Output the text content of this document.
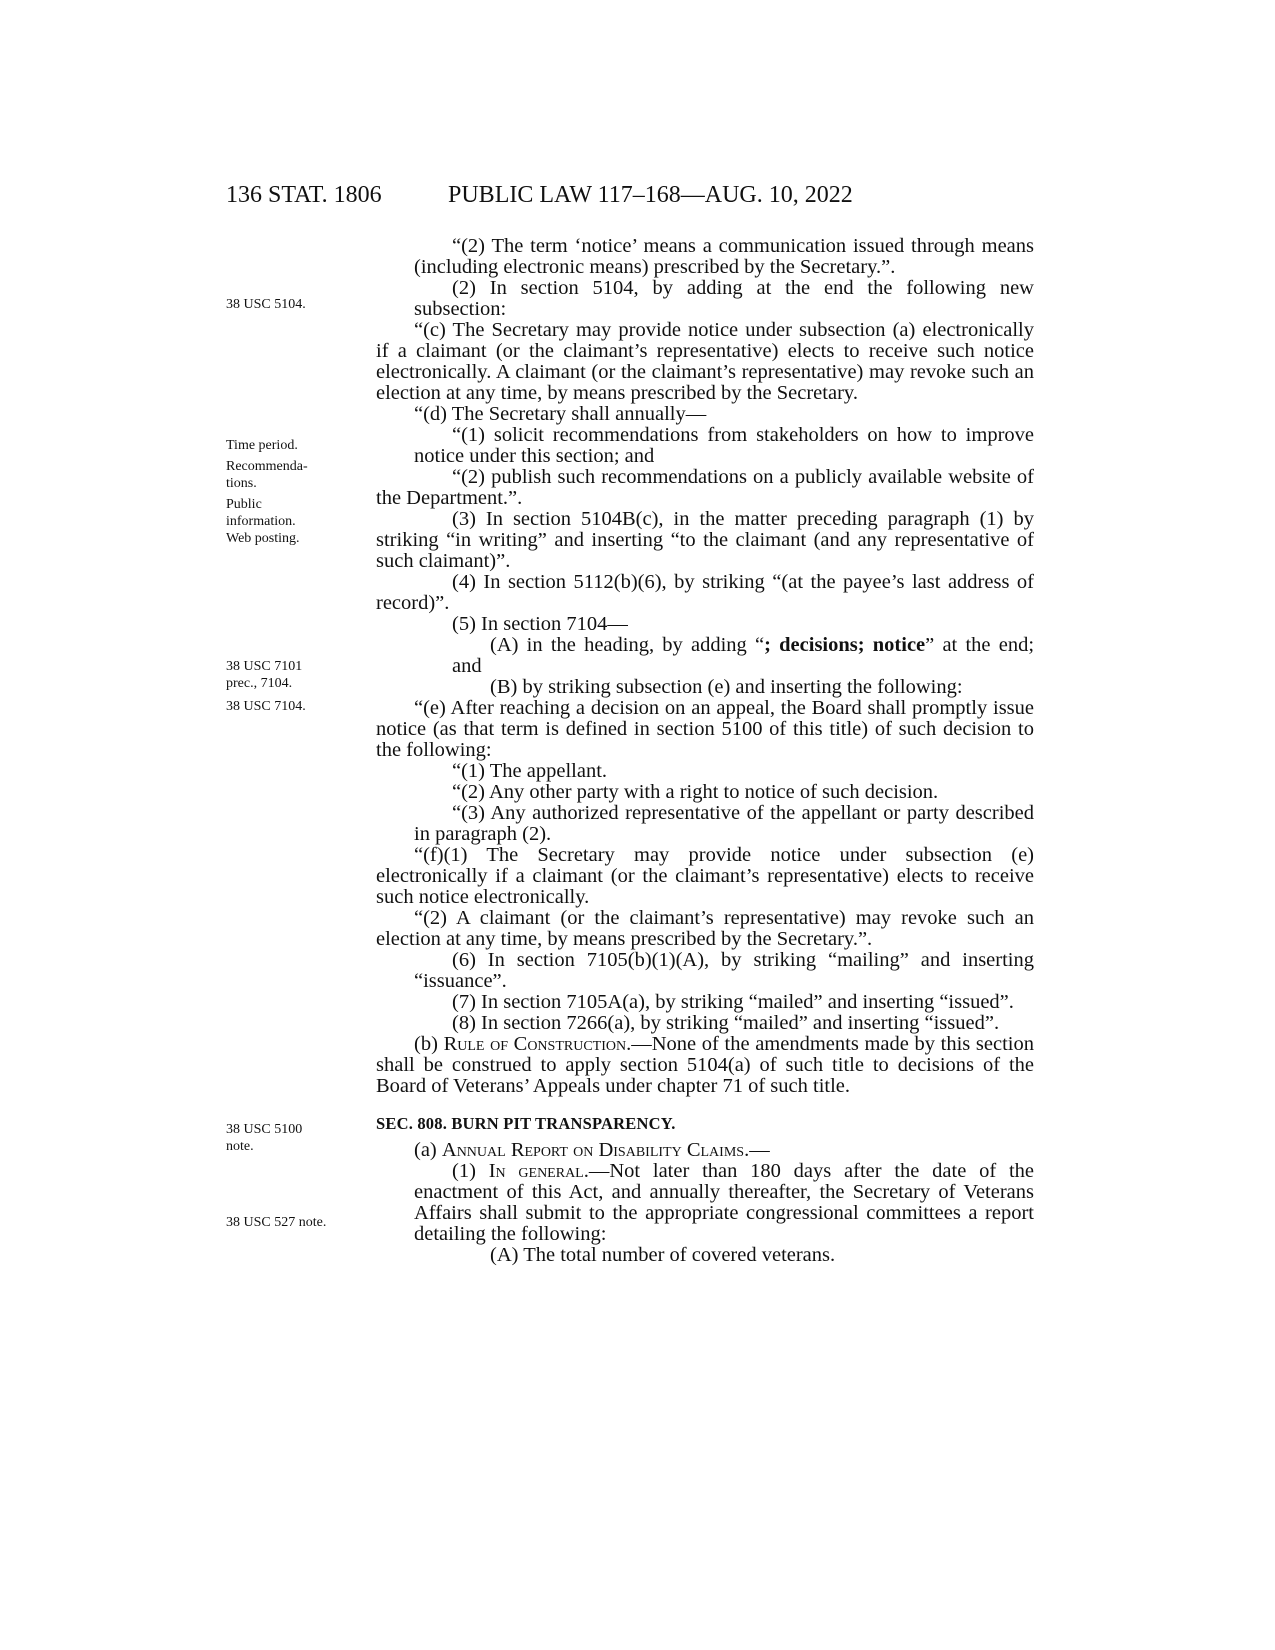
136 STAT. 1806	PUBLIC LAW 117–168—AUG. 10, 2022
38 USC 5104.
Time period.
Recommenda-
tions.
Public
information.
Web posting.
38 USC 7101
prec., 7104.
38 USC 7104.
38 USC 5100
note.
38 USC 527 note.

“(2) The term ‘notice’ means a communication issued through means (including electronic means) prescribed by the Secretary.”.

(2) In section 5104, by adding at the end the following new subsection:

“(c) The Secretary may provide notice under subsection (a) electronically if a claimant (or the claimant’s representative) elects to receive such notice electronically. A claimant (or the claimant’s representative) may revoke such an election at any time, by means prescribed by the Secretary.

“(d) The Secretary shall annually—

“(1) solicit recommendations from stakeholders on how to improve notice under this section; and

“(2) publish such recommendations on a publicly available website of the Department.”.

(3) In section 5104B(c), in the matter preceding paragraph (1) by striking “in writing” and inserting “to the claimant (and any representative of such claimant)”.

(4) In section 5112(b)(6), by striking “(at the payee’s last address of record)”.

(5) In section 7104—

(A) in the heading, by adding “; decisions; notice” at the end; and

(B) by striking subsection (e) and inserting the following:

“(e) After reaching a decision on an appeal, the Board shall promptly issue notice (as that term is defined in section 5100 of this title) of such decision to the following:

“(1) The appellant.

“(2) Any other party with a right to notice of such decision.

“(3) Any authorized representative of the appellant or party described in paragraph (2).

“(f)(1) The Secretary may provide notice under subsection (e) electronically if a claimant (or the claimant’s representative) elects to receive such notice electronically.

“(2) A claimant (or the claimant’s representative) may revoke such an election at any time, by means prescribed by the Secretary.”.

(6) In section 7105(b)(1)(A), by striking “mailing” and inserting “issuance”.

(7) In section 7105A(a), by striking “mailed” and inserting “issued”.

(8) In section 7266(a), by striking “mailed” and inserting “issued”.

(b) Rule of Construction.—None of the amendments made by this section shall be construed to apply section 5104(a) of such title to decisions of the Board of Veterans’ Appeals under chapter 71 of such title.

SEC. 808. BURN PIT TRANSPARENCY.

(a) Annual Report on Disability Claims.—

(1) In general.—Not later than 180 days after the date of the enactment of this Act, and annually thereafter, the Secretary of Veterans Affairs shall submit to the appropriate congressional committees a report detailing the following:

(A) The total number of covered veterans.
